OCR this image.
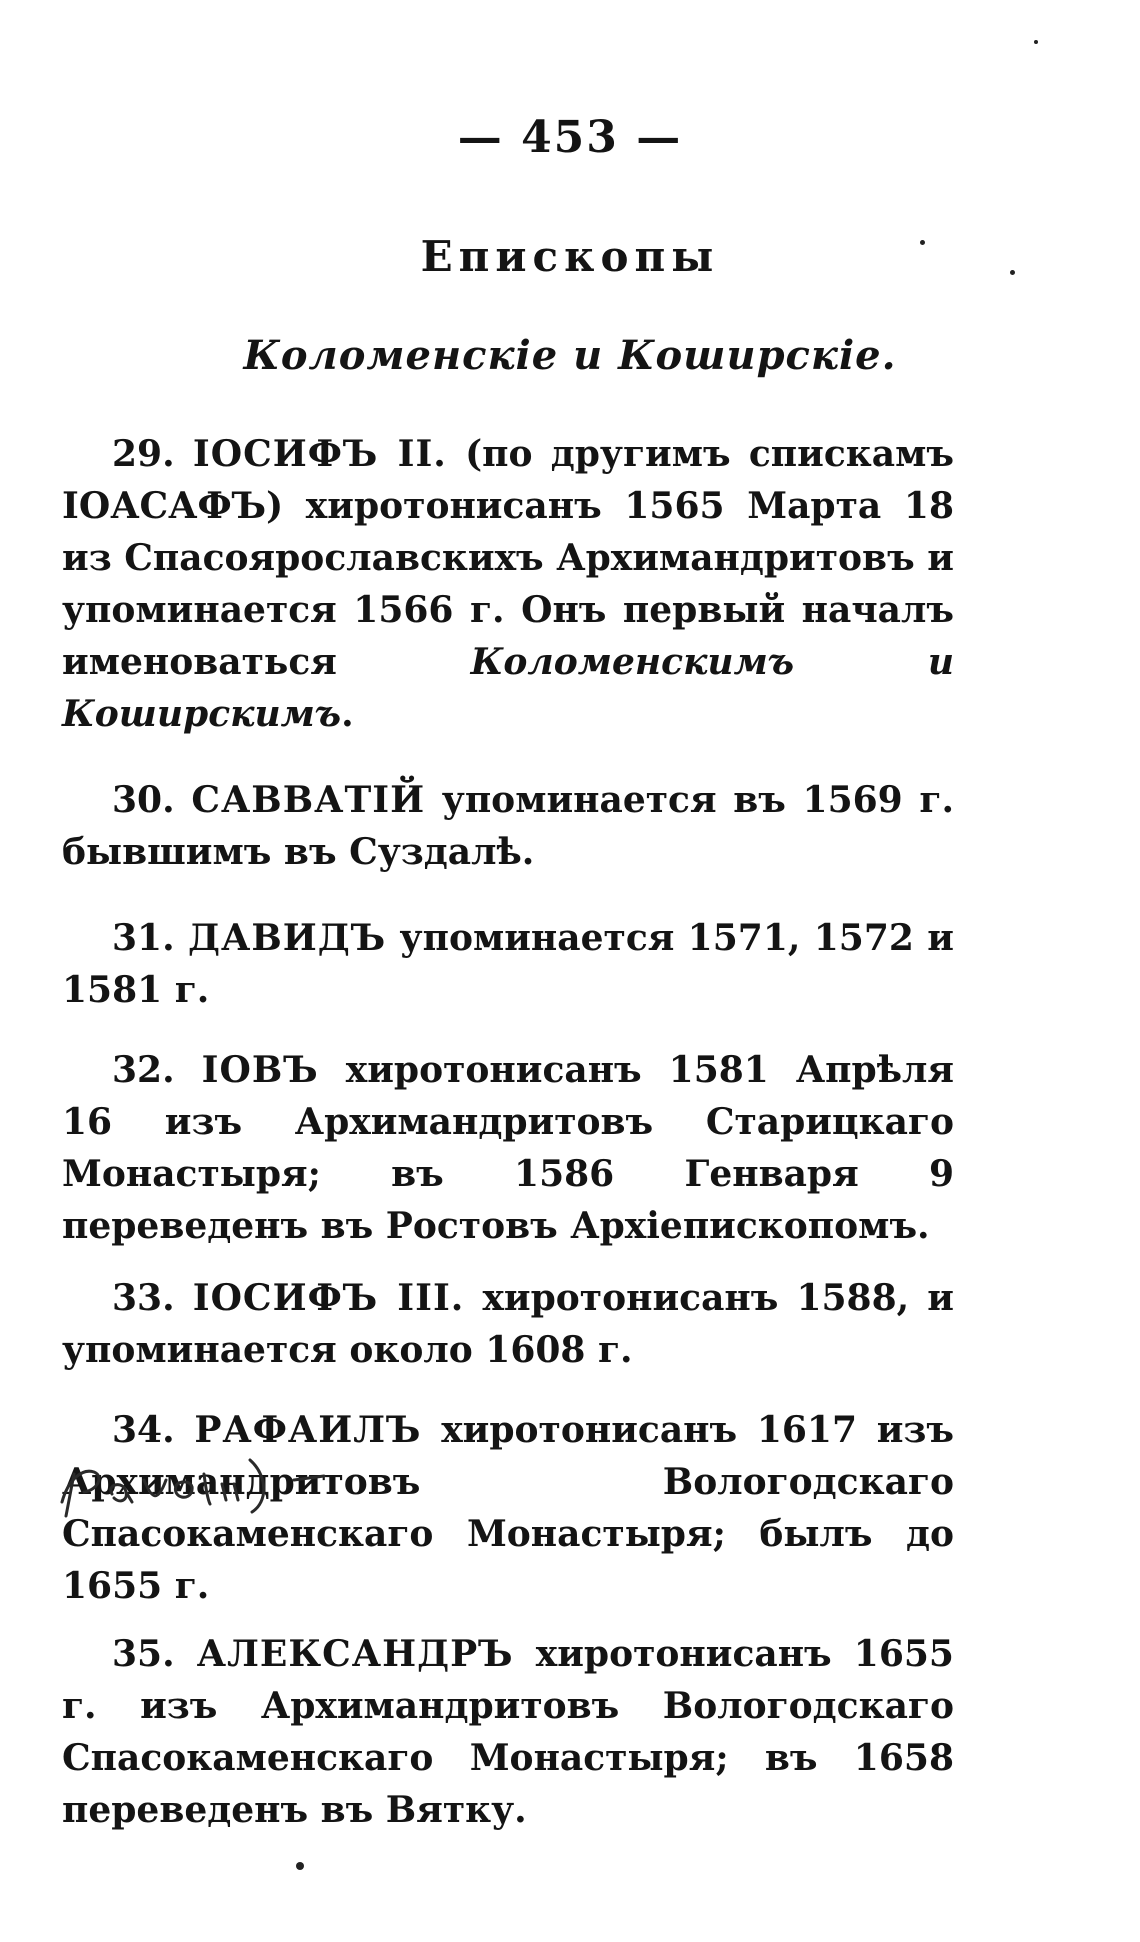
— 453 —
Епископы
Коломенскіе и Коширскіе.

29. ІОСИФЪ II. (по другимъ спискамъ ІОАСАФЪ) хиротонисанъ 1565 Марта 18 из Спасоярославскихъ Архимандритовъ и упоминается 1566 г. Онъ первый началъ именоваться	Коломенскимъ и Коширскимъ.

30. САВВАТІЙ упоминается въ 1569 г. бывшимъ въ Суздалѣ.

31. ДАВИДЪ упоминается 1571, 1572 и 1581 г.

32. ІОВЪ хиротонисанъ 1581 Апрѣля 16 изъ Архимандритовъ Старицкаго Монастыря; въ 1586 Генваря 9 переведенъ въ Ростовъ Архіепископомъ.

33. ІОСИФЪ III. хиротонисанъ 1588, и упоминается около 1608 г.

34. РАФАИЛЪ хиротонисанъ 1617 изъ Архимандритовъ Вологодскаго Спасокаменскаго Монастыря; былъ до 1655 г.

35. АЛЕКСАНДРЪ хиротонисанъ 1655 г. изъ Архимандритовъ Вологодскаго Спасокаменскаго Монастыря; въ 1658 переведенъ въ Вятку.
